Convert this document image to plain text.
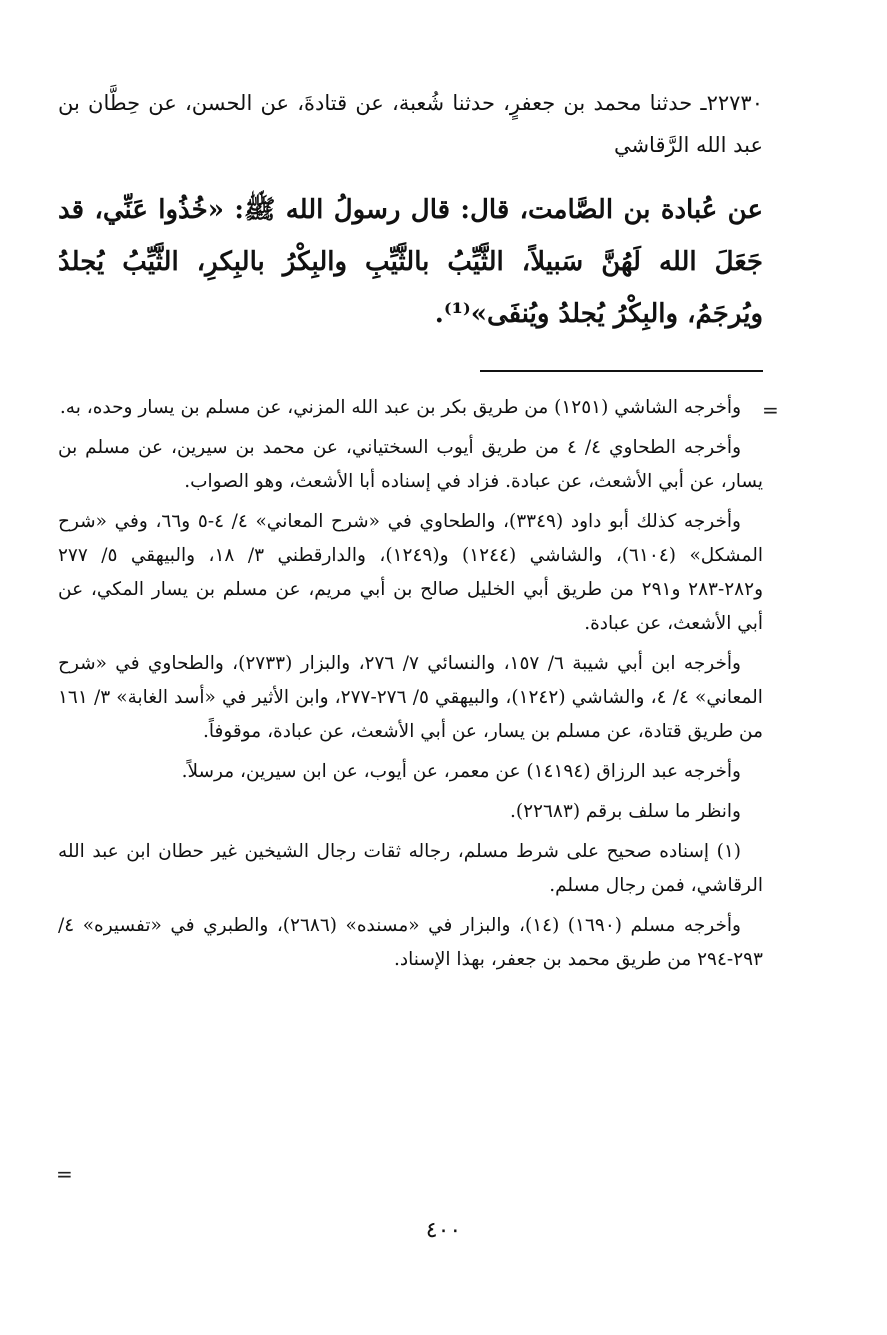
٢٢٧٣٠ـ حدثنا محمد بن جعفرٍ، حدثنا شُعبة، عن قتادةَ، عن الحسن، عن حِطَّان بن عبد الله الرَّقاشي
عن عُبادة بن الصَّامت، قال: قال رسولُ الله ﷺ: «خُذُوا عَنِّي، قد جَعَلَ الله لَهُنَّ سَبيلاً، الثَّيِّبُ بالثَّيِّبِ والبِكْرُ بالبِكرِ، الثَّيِّبُ يُجلدُ ويُرجَمُ، والبِكْرُ يُجلدُ ويُنفَى»⁽¹⁾.
=

وأخرجه الشاشي (١٢٥١) من طريق بكر بن عبد الله المزني، عن مسلم بن يسار وحده، به.

وأخرجه الطحاوي ٤/ ٤ من طريق أيوب السختياني، عن محمد بن سيرين، عن مسلم بن يسار، عن أبي الأشعث، عن عبادة. فزاد في إسناده أبا الأشعث، وهو الصواب.

وأخرجه كذلك أبو داود (٣٣٤٩)، والطحاوي في «شرح المعاني» ٤/ ٤-٥ و٦٦، وفي «شرح المشكل» (٦١٠٤)، والشاشي (١٢٤٤) و(١٢٤٩)، والدارقطني ٣/ ١٨، والبيهقي ٥/ ٢٧٧ و٢٨٢-٢٨٣ و٢٩١ من طريق أبي الخليل صالح بن أبي مريم، عن مسلم بن يسار المكي، عن أبي الأشعث، عن عبادة.

وأخرجه ابن أبي شيبة ٦/ ١٥٧، والنسائي ٧/ ٢٧٦، والبزار (٢٧٣٣)، والطحاوي في «شرح المعاني» ٤/ ٤، والشاشي (١٢٤٢)، والبيهقي ٥/ ٢٧٦-٢٧٧، وابن الأثير في «أسد الغابة» ٣/ ١٦١ من طريق قتادة، عن مسلم بن يسار، عن أبي الأشعث، عن عبادة، موقوفاً.

وأخرجه عبد الرزاق (١٤١٩٤) عن معمر، عن أيوب، عن ابن سيرين، مرسلاً.

وانظر ما سلف برقم (٢٢٦٨٣).

(١) إسناده صحيح على شرط مسلم، رجاله ثقات رجال الشيخين غير حطان ابن عبد الله الرقاشي، فمن رجال مسلم.

وأخرجه مسلم (١٦٩٠) (١٤)، والبزار في «مسنده» (٢٦٨٦)، والطبري في «تفسيره» ٤/ ٢٩٣-٢٩٤ من طريق محمد بن جعفر، بهذا الإسناد.

=
٤٠٠
